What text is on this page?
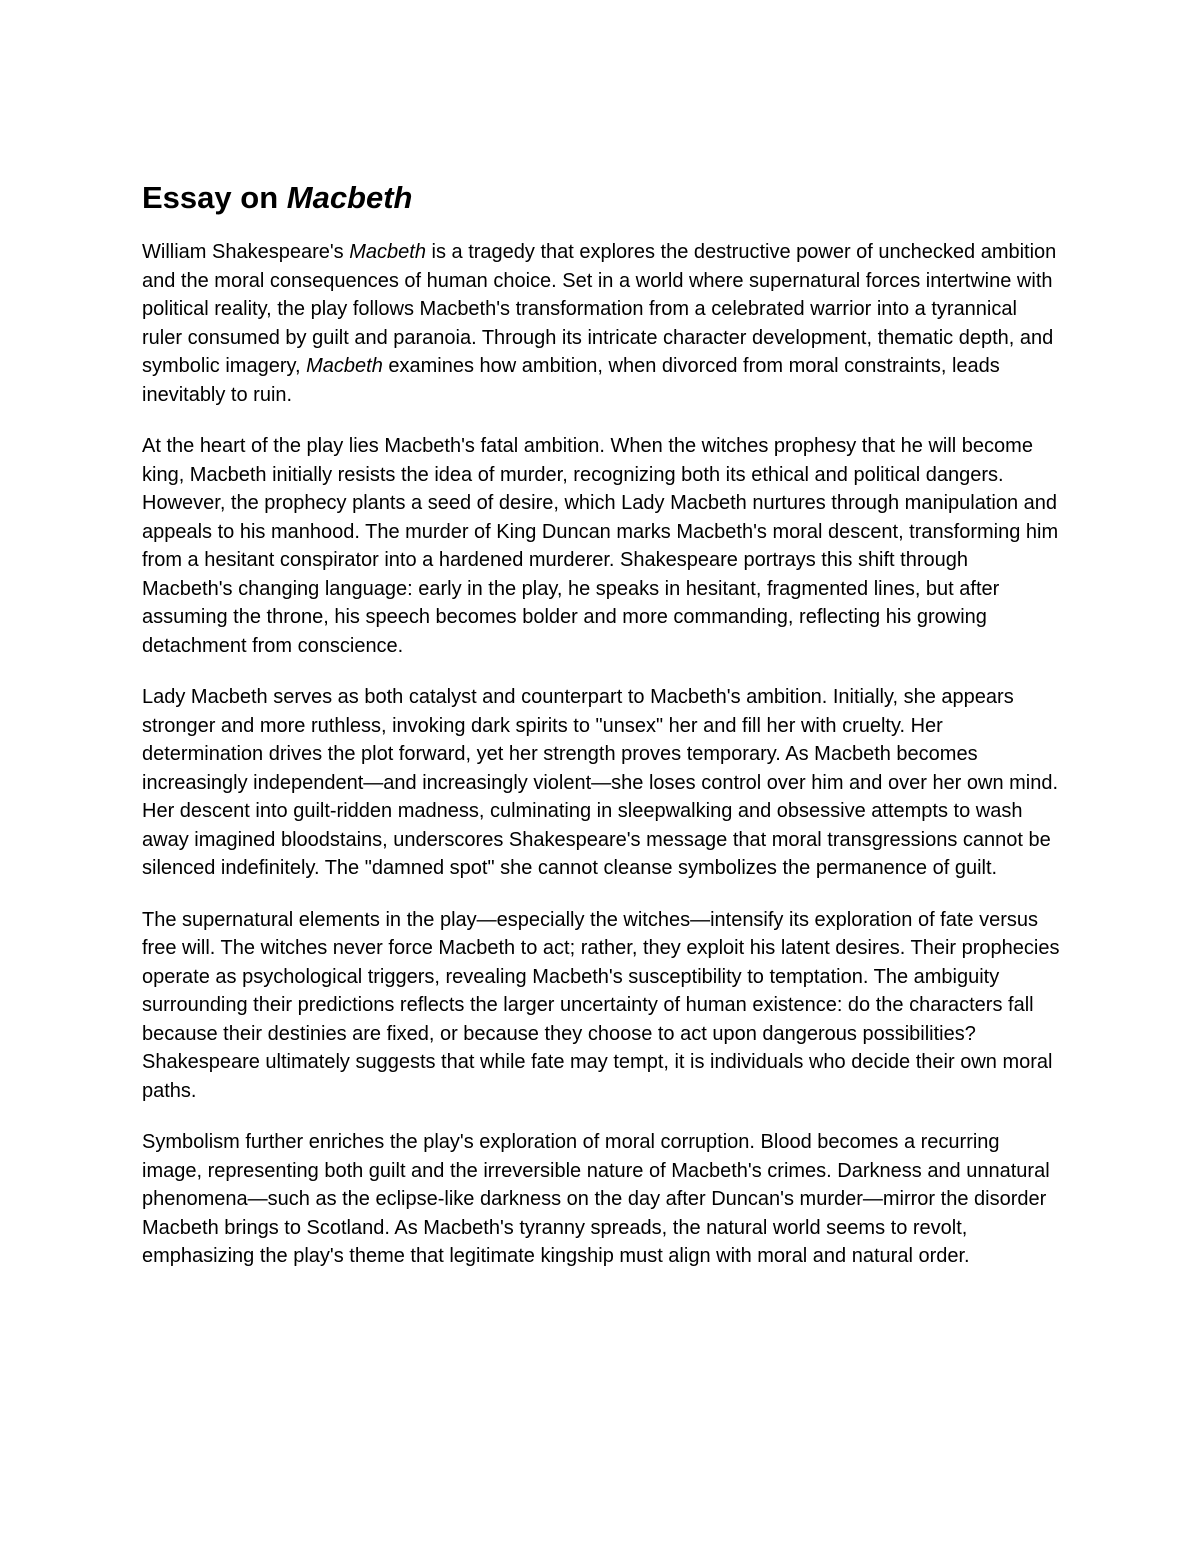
Essay on Macbeth

William Shakespeare's Macbeth is a tragedy that explores the destructive power of unchecked ambition and the moral consequences of human choice. Set in a world where supernatural forces intertwine with political reality, the play follows Macbeth's transformation from a celebrated warrior into a tyrannical ruler consumed by guilt and paranoia. Through its intricate character development, thematic depth, and symbolic imagery, Macbeth examines how ambition, when divorced from moral constraints, leads inevitably to ruin.

At the heart of the play lies Macbeth's fatal ambition. When the witches prophesy that he will become king, Macbeth initially resists the idea of murder, recognizing both its ethical and political dangers. However, the prophecy plants a seed of desire, which Lady Macbeth nurtures through manipulation and appeals to his manhood. The murder of King Duncan marks Macbeth's moral descent, transforming him from a hesitant conspirator into a hardened murderer. Shakespeare portrays this shift through Macbeth's changing language: early in the play, he speaks in hesitant, fragmented lines, but after assuming the throne, his speech becomes bolder and more commanding, reflecting his growing detachment from conscience.

Lady Macbeth serves as both catalyst and counterpart to Macbeth's ambition. Initially, she appears stronger and more ruthless, invoking dark spirits to "unsex" her and fill her with cruelty. Her determination drives the plot forward, yet her strength proves temporary. As Macbeth becomes increasingly independent—and increasingly violent—she loses control over him and over her own mind. Her descent into guilt-ridden madness, culminating in sleepwalking and obsessive attempts to wash away imagined bloodstains, underscores Shakespeare's message that moral transgressions cannot be silenced indefinitely. The "damned spot" she cannot cleanse symbolizes the permanence of guilt.

The supernatural elements in the play—especially the witches—intensify its exploration of fate versus free will. The witches never force Macbeth to act; rather, they exploit his latent desires. Their prophecies operate as psychological triggers, revealing Macbeth's susceptibility to temptation. The ambiguity surrounding their predictions reflects the larger uncertainty of human existence: do the characters fall because their destinies are fixed, or because they choose to act upon dangerous possibilities? Shakespeare ultimately suggests that while fate may tempt, it is individuals who decide their own moral paths.

Symbolism further enriches the play's exploration of moral corruption. Blood becomes a recurring image, representing both guilt and the irreversible nature of Macbeth's crimes. Darkness and unnatural phenomena—such as the eclipse-like darkness on the day after Duncan's murder—mirror the disorder Macbeth brings to Scotland. As Macbeth's tyranny spreads, the natural world seems to revolt, emphasizing the play's theme that legitimate kingship must align with moral and natural order.
